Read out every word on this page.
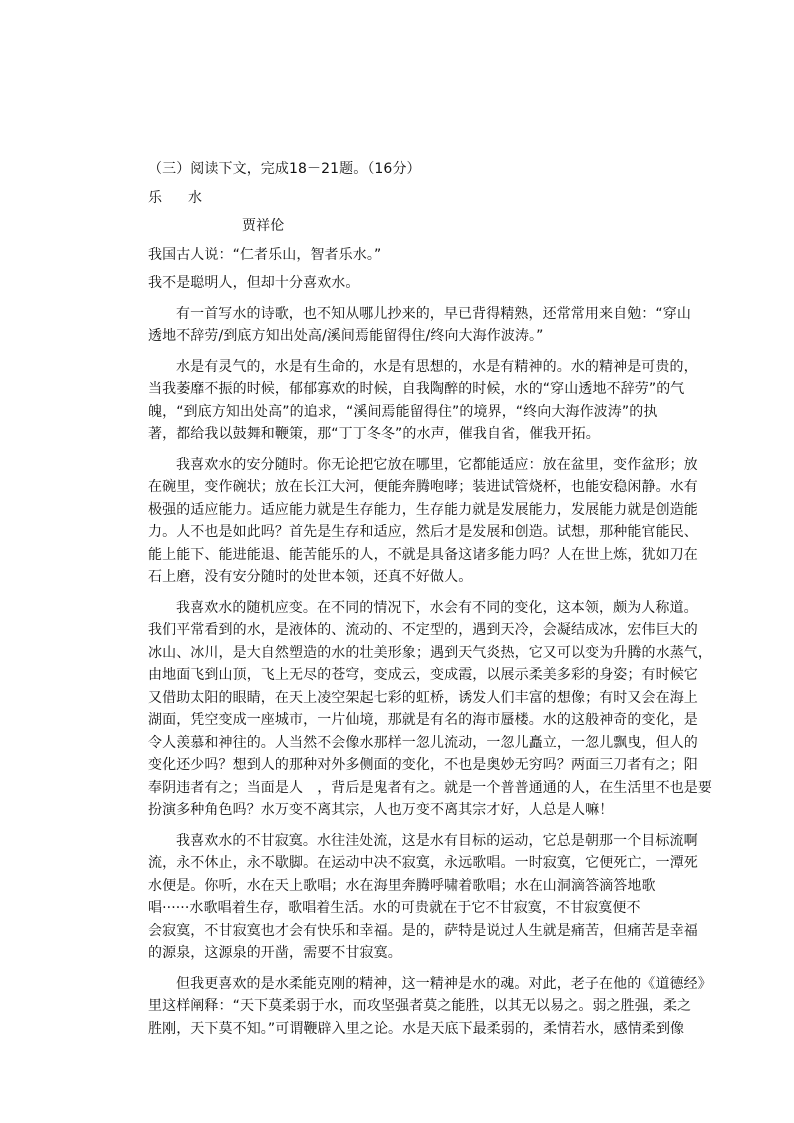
（三）阅读下文，完成18－21题。（16分）

乐　水

贾祥伦

我国古人说：“仁者乐山，智者乐水。”

我不是聪明人，但却十分喜欢水。

有一首写水的诗歌，也不知从哪儿抄来的，早已背得精熟，还常常用来自勉：“穿山

透地不辞劳/到底方知出处高/溪间焉能留得住/终向大海作波涛。”

水是有灵气的，水是有生命的，水是有思想的，水是有精神的。水的精神是可贵的，

当我萎靡不振的时候，郁郁寡欢的时候，自我陶醉的时候，水的“穿山透地不辞劳”的气

魄，“到底方知出处高”的追求，“溪间焉能留得住”的境界，“终向大海作波涛”的执

著，都给我以鼓舞和鞭策，那“丁丁冬冬”的水声，催我自省，催我开拓。

我喜欢水的安分随时。你无论把它放在哪里，它都能适应：放在盆里，变作盆形；放

在碗里，变作碗状；放在长江大河，便能奔腾咆哮；装进试管烧杯，也能安稳闲静。水有

极强的适应能力。适应能力就是生存能力，生存能力就是发展能力，发展能力就是创造能

力。人不也是如此吗？首先是生存和适应，然后才是发展和创造。试想，那种能官能民、

能上能下、能进能退、能苦能乐的人，不就是具备这诸多能力吗？人在世上炼，犹如刀在

石上磨，没有安分随时的处世本领，还真不好做人。

我喜欢水的随机应变。在不同的情况下，水会有不同的变化，这本领，颇为人称道。

我们平常看到的水，是液体的、流动的、不定型的，遇到天冷，会凝结成冰，宏伟巨大的

冰山、冰川，是大自然塑造的水的壮美形象；遇到天气炎热，它又可以变为升腾的水蒸气，

由地面飞到山顶，飞上无尽的苍穹，变成云，变成霞，以展示柔美多彩的身姿；有时候它

又借助太阳的眼睛，在天上凌空架起七彩的虹桥，诱发人们丰富的想像；有时又会在海上

湖面，凭空变成一座城市，一片仙境，那就是有名的海市蜃楼。水的这般神奇的变化，是

令人羡慕和神往的。人当然不会像水那样一忽儿流动，一忽儿矗立，一忽儿飘曳，但人的

变化还少吗？想到人的那种对外多侧面的变化，不也是奥妙无穷吗？两面三刀者有之；阳

奉阴违者有之；当面是人　，背后是鬼者有之。就是一个普普通通的人，在生活里不也是要

扮演多种角色吗？水万变不离其宗，人也万变不离其宗才好，人总是人嘛！

我喜欢水的不甘寂寞。水往洼处流，这是水有目标的运动，它总是朝那一个目标流啊

流，永不休止，永不歇脚。在运动中决不寂寞，永远歌唱。一时寂寞，它便死亡，一潭死

水便是。你听，水在天上歌唱；水在海里奔腾呼啸着歌唱；水在山洞滴答滴答地歌

唱······水歌唱着生存，歌唱着生活。水的可贵就在于它不甘寂寞，不甘寂寞便不

会寂寞，不甘寂寞也才会有快乐和幸福。是的，萨特是说过人生就是痛苦，但痛苦是幸福

的源泉，这源泉的开凿，需要不甘寂寞。

但我更喜欢的是水柔能克刚的精神，这一精神是水的魂。对此，老子在他的《道德经》

里这样阐释：“天下莫柔弱于水，而攻坚强者莫之能胜，以其无以易之。弱之胜强，柔之

胜刚，天下莫不知。”可谓鞭辟入里之论。水是天底下最柔弱的，柔情若水，感情柔到像
